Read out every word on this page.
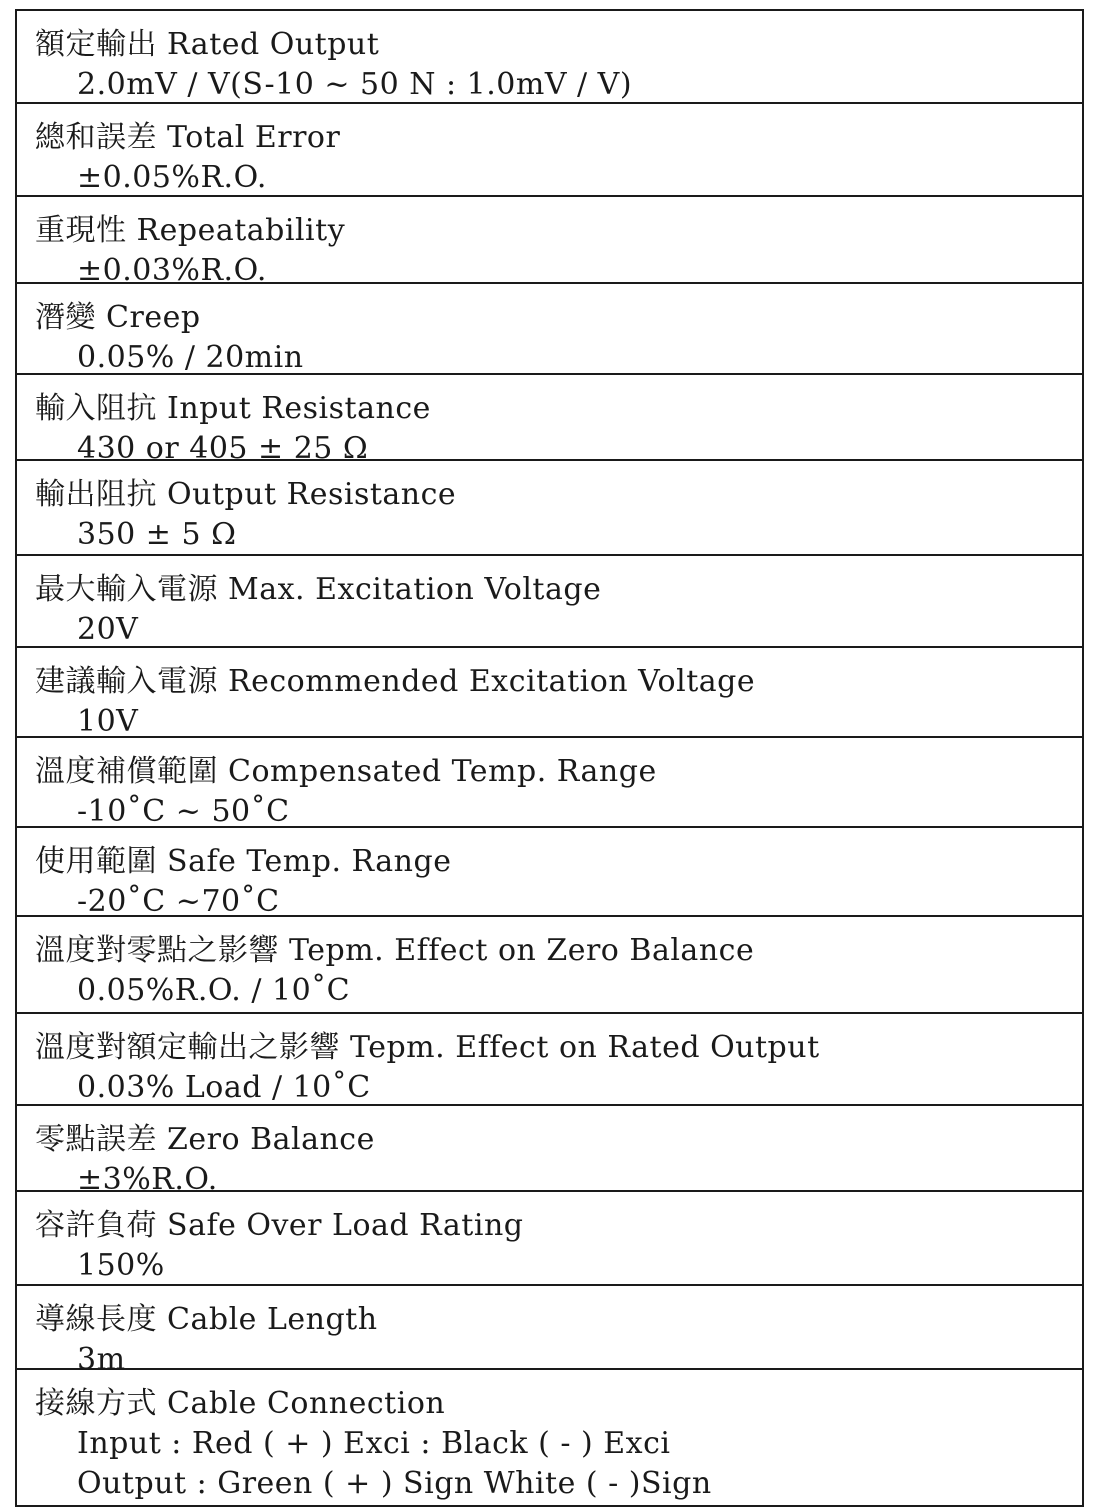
額定輸出 Rated Output
2.0mV / V(S-10 ~ 50 N : 1.0mV / V)
總和誤差 Total Error
±0.05%R.O.
重現性 Repeatability
±0.03%R.O.
潛變 Creep
0.05% / 20min
輸入阻抗 Input Resistance
430 or 405 ± 25 Ω
輸出阻抗 Output Resistance
350 ± 5 Ω
最大輸入電源 Max. Excitation Voltage
20V
建議輸入電源 Recommended Excitation Voltage
10V
溫度補償範圍 Compensated Temp. Range
-10˚C ~ 50˚C
使用範圍 Safe Temp. Range
-20˚C ~70˚C
溫度對零點之影響 Tepm. Effect on Zero Balance
0.05%R.O. / 10˚C
溫度對額定輸出之影響 Tepm. Effect on Rated Output
0.03% Load / 10˚C
零點誤差 Zero Balance
±3%R.O.
容許負荷 Safe Over Load Rating
150%
導線長度 Cable Length
3m
接線方式 Cable Connection
Input : Red ( + ) Exci : Black ( - ) Exci
Output : Green ( + ) Sign White ( - )Sign
